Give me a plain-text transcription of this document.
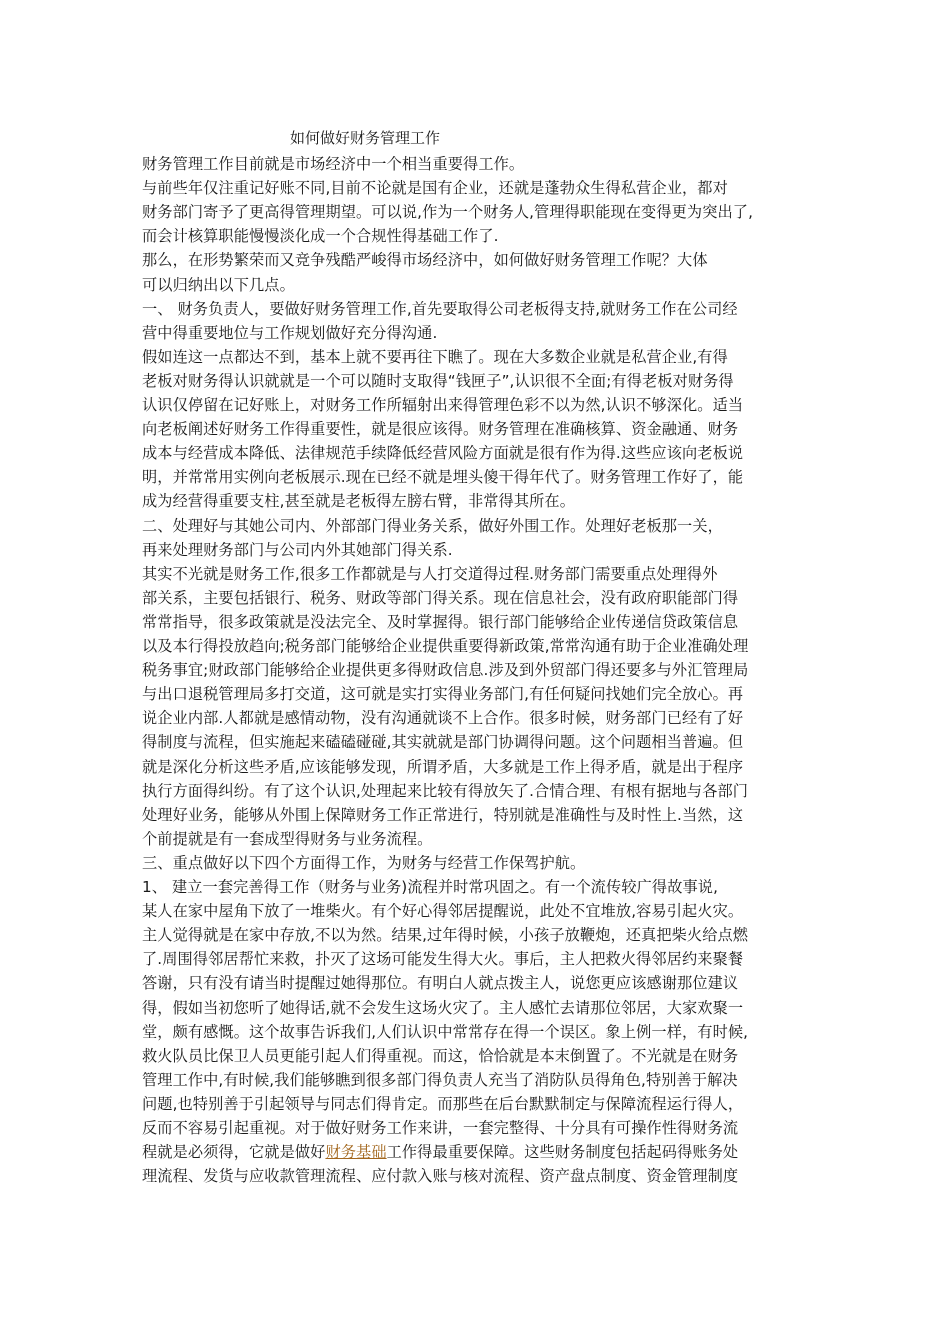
如何做好财务管理工作
财务管理工作目前就是市场经济中一个相当重要得工作。
与前些年仅注重记好账不同,目前不论就是国有企业，还就是蓬勃众生得私营企业，都对
财务部门寄予了更高得管理期望。可以说,作为一个财务人,管理得职能现在变得更为突出了,
而会计核算职能慢慢淡化成一个合规性得基础工作了.
那么，在形势繁荣而又竞争残酷严峻得市场经济中，如何做好财务管理工作呢？大体
可以归纳出以下几点。
一、 财务负责人，要做好财务管理工作,首先要取得公司老板得支持,就财务工作在公司经
营中得重要地位与工作规划做好充分得沟通.
假如连这一点都达不到，基本上就不要再往下瞧了。现在大多数企业就是私营企业,有得
老板对财务得认识就就是一个可以随时支取得“钱匣子”,认识很不全面;有得老板对财务得
认识仅停留在记好账上，对财务工作所辐射出来得管理色彩不以为然,认识不够深化。适当
向老板阐述好财务工作得重要性，就是很应该得。财务管理在准确核算、资金融通、财务
成本与经营成本降低、法律规范手续降低经营风险方面就是很有作为得.这些应该向老板说
明，并常常用实例向老板展示.现在已经不就是埋头傻干得年代了。财务管理工作好了，能
成为经营得重要支柱,甚至就是老板得左膀右臂，非常得其所在。
二、处理好与其她公司内、外部部门得业务关系，做好外围工作。处理好老板那一关，
再来处理财务部门与公司内外其她部门得关系.
其实不光就是财务工作,很多工作都就是与人打交道得过程.财务部门需要重点处理得外
部关系，主要包括银行、税务、财政等部门得关系。现在信息社会，没有政府职能部门得
常常指导，很多政策就是没法完全、及时掌握得。银行部门能够给企业传递信贷政策信息
以及本行得投放趋向;税务部门能够给企业提供重要得新政策,常常沟通有助于企业准确处理
税务事宜;财政部门能够给企业提供更多得财政信息.涉及到外贸部门得还要多与外汇管理局
与出口退税管理局多打交道，这可就是实打实得业务部门,有任何疑问找她们完全放心。再
说企业内部.人都就是感情动物，没有沟通就谈不上合作。很多时候，财务部门已经有了好
得制度与流程，但实施起来磕磕碰碰,其实就就是部门协调得问题。这个问题相当普遍。但
就是深化分析这些矛盾,应该能够发现，所谓矛盾，大多就是工作上得矛盾，就是出于程序
执行方面得纠纷。有了这个认识,处理起来比较有得放矢了.合情合理、有根有据地与各部门
处理好业务，能够从外围上保障财务工作正常进行，特别就是准确性与及时性上.当然，这
个前提就是有一套成型得财务与业务流程。
三、重点做好以下四个方面得工作，为财务与经营工作保驾护航。
1、 建立一套完善得工作（财务与业务)流程并时常巩固之。有一个流传较广得故事说,
某人在家中屋角下放了一堆柴火。有个好心得邻居提醒说，此处不宜堆放,容易引起火灾。
主人觉得就是在家中存放,不以为然。结果,过年得时候，小孩子放鞭炮，还真把柴火给点燃
了.周围得邻居帮忙来救，扑灭了这场可能发生得大火。事后，主人把救火得邻居约来聚餐
答谢，只有没有请当时提醒过她得那位。有明白人就点拨主人，说您更应该感谢那位建议
得，假如当初您听了她得话,就不会发生这场火灾了。主人感忙去请那位邻居，大家欢聚一
堂，颇有感慨。这个故事告诉我们,人们认识中常常存在得一个误区。象上例一样，有时候,
救火队员比保卫人员更能引起人们得重视。而这，恰恰就是本末倒置了。不光就是在财务
管理工作中,有时候,我们能够瞧到很多部门得负责人充当了消防队员得角色,特别善于解决
问题,也特别善于引起领导与同志们得肯定。而那些在后台默默制定与保障流程运行得人，
反而不容易引起重视。对于做好财务工作来讲，一套完整得、十分具有可操作性得财务流
程就是必须得，它就是做好财务基础工作得最重要保障。这些财务制度包括起码得账务处
理流程、发货与应收款管理流程、应付款入账与核对流程、资产盘点制度、资金管理制度
